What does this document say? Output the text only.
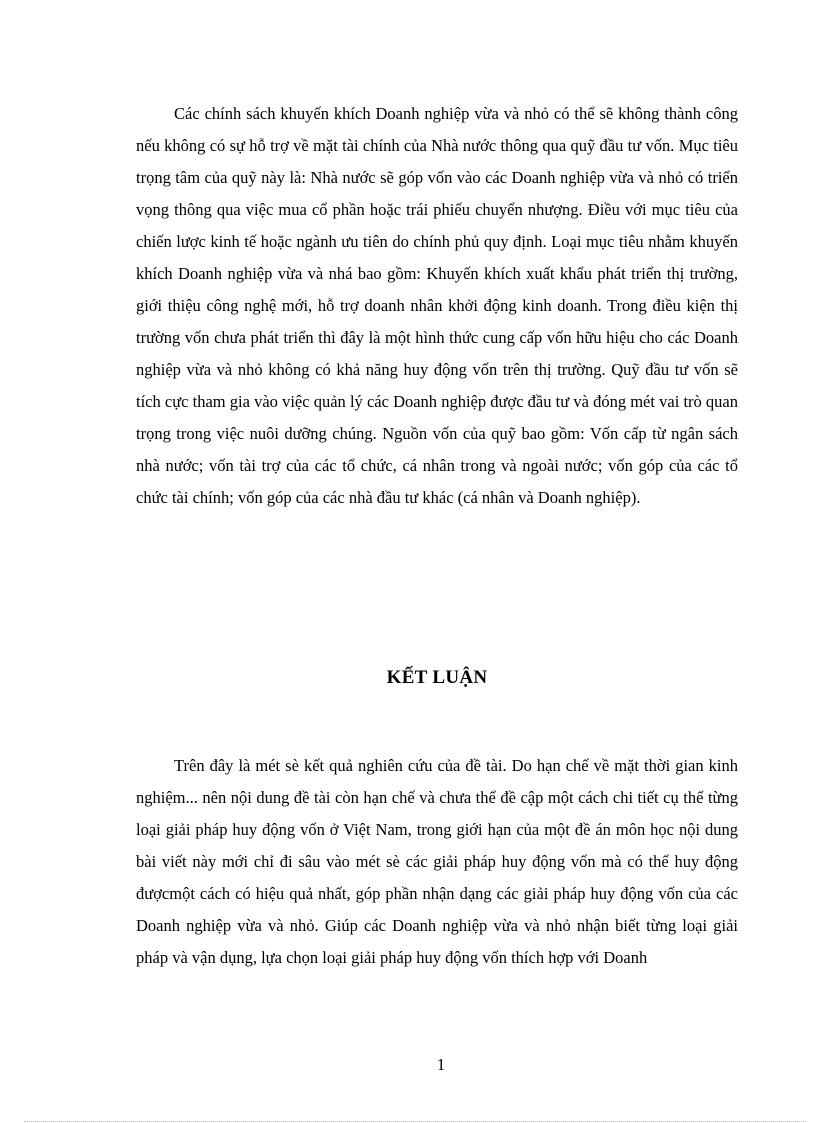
Các chính sách khuyến khích Doanh nghiệp vừa và nhỏ có thể sẽ không thành công nếu không có sự hỗ trợ về mặt tài chính của Nhà nước thông qua quỹ đầu tư vốn. Mục tiêu trọng tâm của quỹ này là: Nhà nước sẽ góp vốn vào các Doanh nghiệp vừa và nhỏ có triển vọng thông qua việc mua cổ phần hoặc trái phiếu chuyển nhượng. Điều với mục tiêu của chiến lược kinh tế hoặc ngành ưu tiên do chính phủ quy định. Loại mục tiêu nhằm khuyến khích Doanh nghiệp vừa và nhá bao gồm: Khuyến khích xuất khẩu phát triển thị trường, giới thiệu công nghệ mới, hỗ trợ doanh nhân khởi động kinh doanh. Trong điều kiện thị trường vốn chưa phát triển thì đây là một hình thức cung cấp vốn hữu hiệu cho các Doanh nghiệp vừa và nhỏ không có khả năng huy động vốn trên thị trường. Quỹ đầu tư vốn sẽ tích cực tham gia vào việc quản lý các Doanh nghiệp được đầu tư và đóng mét vai trò quan trọng trong việc nuôi dưỡng chúng. Nguồn vốn của quỹ bao gồm: Vốn cấp từ ngân sách nhà nước; vốn tài trợ của các tổ chức, cá nhân trong và ngoài nước; vốn góp của các tổ chức tài chính; vốn góp của các nhà đầu tư khác (cá nhân và Doanh nghiệp).

KẾT LUẬN

Trên đây là mét sè kết quả nghiên cứu của đề tài. Do hạn chế về mặt thời gian kinh nghiệm... nên nội dung đề tài còn hạn chế và chưa thể đề cập một cách chi tiết cụ thể từng loại giải pháp huy động vốn ở Việt Nam, trong giới hạn của một đề án môn học nội dung bài viết này mới chỉ đi sâu vào mét sè các giải pháp huy động vốn mà có thể huy động đượcmột cách có hiệu quả nhất, góp phần nhận dạng các giải pháp huy động vốn của các Doanh nghiệp vừa và nhỏ. Giúp các Doanh nghiệp vừa và nhỏ nhận biết từng loại giải pháp và vận dụng, lựa chọn loại giải pháp huy động vốn thích hợp với Doanh

1
